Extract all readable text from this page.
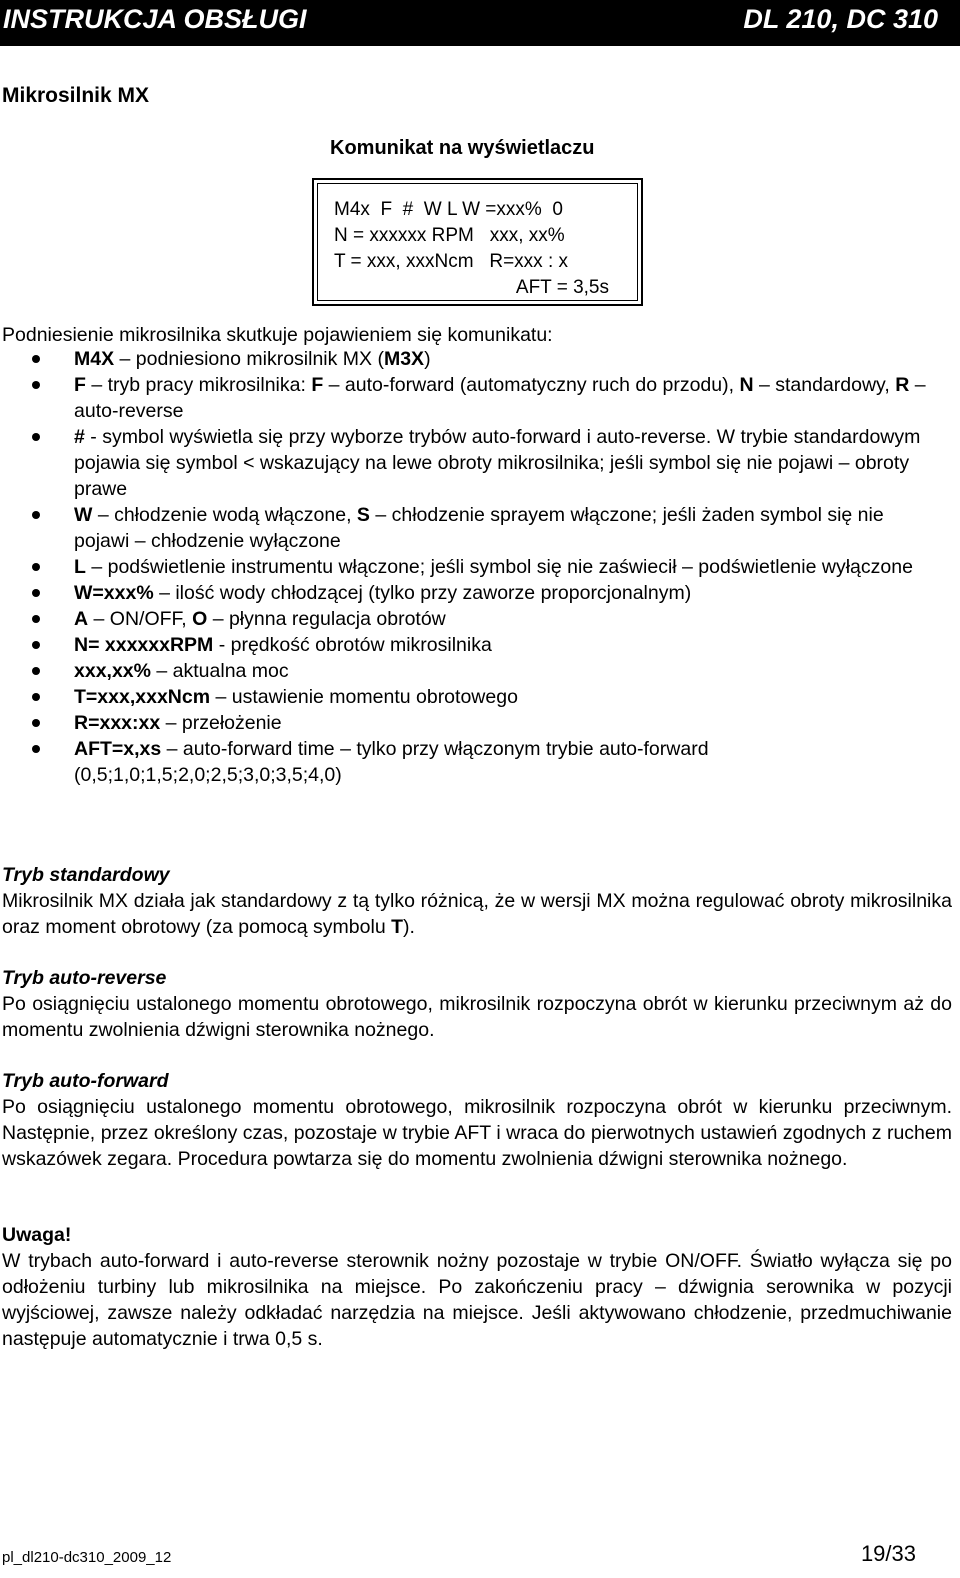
INSTRUKCJA OBSŁUGI	DL 210, DC 310
Mikrosilnik MX
Komunikat na wyświetlaczu
M4x  F  #  W L W =xxx%  0
N = xxxxxx RPM   xxx, xx%
T = xxx, xxxNcm   R=xxx : x
AFT = 3,5s
Podniesienie mikrosilnika skutkuje pojawieniem się komunikatu:
M4X – podniesiono mikrosilnik MX (M3X)
F – tryb pracy mikrosilnika: F – auto-forward (automatyczny ruch do przodu), N – standardowy, R – auto-reverse
# - symbol wyświetla się przy wyborze trybów auto-forward i auto-reverse. W trybie standardowym pojawia się symbol < wskazujący na lewe obroty mikrosilnika; jeśli symbol się nie pojawi – obroty prawe
W – chłodzenie wodą włączone, S – chłodzenie sprayem włączone; jeśli żaden symbol się nie pojawi – chłodzenie wyłączone
L – podświetlenie instrumentu włączone; jeśli symbol się nie zaświecił – podświetlenie wyłączone
W=xxx% – ilość wody chłodzącej (tylko przy zaworze proporcjonalnym)
A – ON/OFF, O – płynna regulacja obrotów
N= xxxxxxRPM - prędkość obrotów mikrosilnika
xxx,xx% – aktualna moc
T=xxx,xxxNcm – ustawienie momentu obrotowego
R=xxx:xx – przełożenie
AFT=x,xs – auto-forward time – tylko przy włączonym trybie auto-forward (0,5;1,0;1,5;2,0;2,5;3,0;3,5;4,0)
Tryb standardowy
Mikrosilnik MX działa jak standardowy z tą tylko różnicą, że w wersji MX można regulować obroty mikrosilnika oraz moment obrotowy (za pomocą symbolu T).
Tryb auto-reverse
Po osiągnięciu ustalonego momentu obrotowego, mikrosilnik rozpoczyna obrót w kierunku przeciwnym aż do momentu zwolnienia dźwigni sterownika nożnego.
Tryb auto-forward
Po osiągnięciu ustalonego momentu obrotowego, mikrosilnik rozpoczyna obrót w kierunku przeciwnym. Następnie, przez określony czas, pozostaje w trybie AFT i wraca do pierwotnych ustawień zgodnych z ruchem wskazówek zegara. Procedura powtarza się do momentu zwolnienia dźwigni sterownika nożnego.
Uwaga!
W trybach auto-forward i auto-reverse sterownik nożny pozostaje w trybie ON/OFF. Światło wyłącza się po odłożeniu turbiny lub mikrosilnika na miejsce. Po zakończeniu pracy – dźwignia serownika w pozycji wyjściowej, zawsze należy odkładać narzędzia na miejsce. Jeśli aktywowano chłodzenie, przedmuchiwanie następuje automatycznie i trwa 0,5 s.
pl_dl210-dc310_2009_12	19/33
